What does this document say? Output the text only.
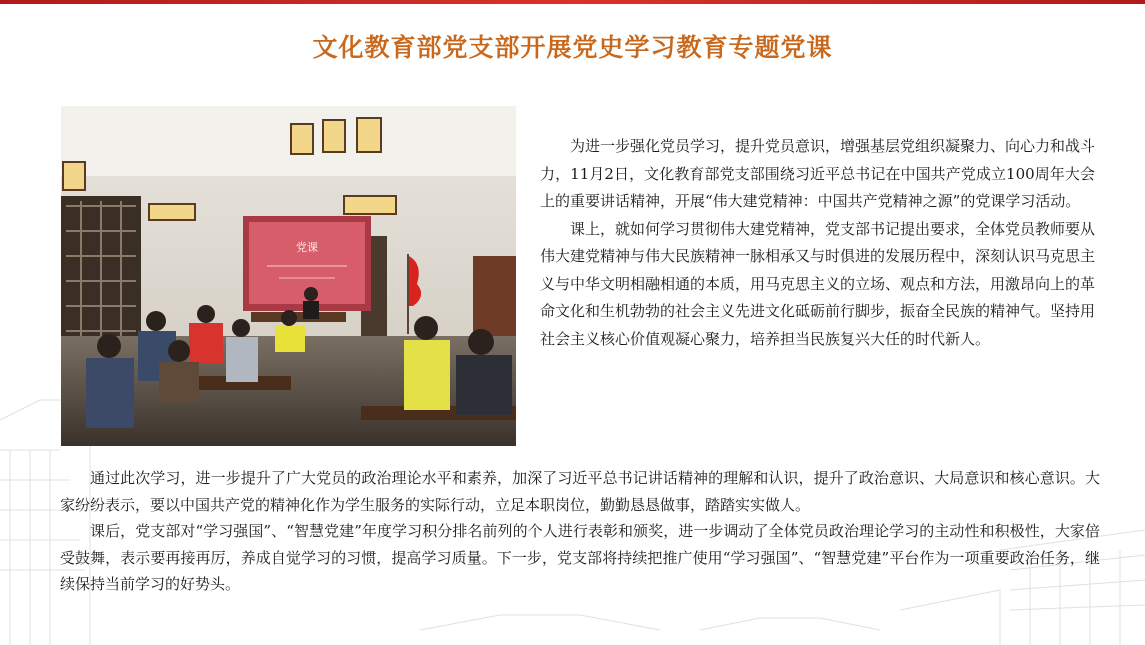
文化教育部党支部开展党史学习教育专题党课
党课

为进一步强化党员学习，提升党员意识，增强基层党组织凝聚力、向心力和战斗力，11月2日，文化教育部党支部围绕习近平总书记在中国共产党成立100周年大会上的重要讲话精神，开展“伟大建党精神：中国共产党精神之源”的党课学习活动。

课上，就如何学习贯彻伟大建党精神，党支部书记提出要求，全体党员教师要从伟大建党精神与伟大民族精神一脉相承又与时俱进的发展历程中，深刻认识马克思主义与中华文明相融相通的本质，用马克思主义的立场、观点和方法，用激昂向上的革命文化和生机勃勃的社会主义先进文化砥砺前行脚步，振奋全民族的精神气。坚持用社会主义核心价值观凝心聚力，培养担当民族复兴大任的时代新人。

通过此次学习，进一步提升了广大党员的政治理论水平和素养，加深了习近平总书记讲话精神的理解和认识，提升了政治意识、大局意识和核心意识。大家纷纷表示，要以中国共产党的精神化作为学生服务的实际行动，立足本职岗位，勤勤恳恳做事，踏踏实实做人。

课后，党支部对“学习强国”、“智慧党建”年度学习积分排名前列的个人进行表彰和颁奖，进一步调动了全体党员政治理论学习的主动性和积极性，大家倍受鼓舞，表示要再接再厉，养成自觉学习的习惯，提高学习质量。下一步，党支部将持续把推广使用“学习强国”、“智慧党建”平台作为一项重要政治任务，继续保持当前学习的好势头。
